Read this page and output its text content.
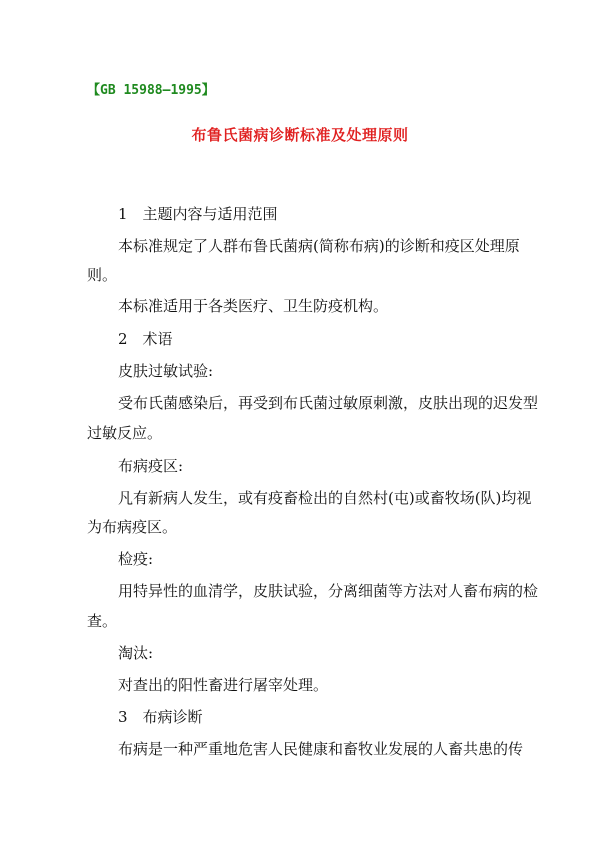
【GB 15988—1995】
布鲁氏菌病诊断标准及处理原则
1　主题内容与适用范围
本标准规定了人群布鲁氏菌病(简称布病)的诊断和疫区处理原
则。
本标准适用于各类医疗、卫生防疫机构。
2　术语
皮肤过敏试验:
受布氏菌感染后，再受到布氏菌过敏原刺激，皮肤出现的迟发型
过敏反应。
布病疫区:
凡有新病人发生，或有疫畜检出的自然村(屯)或畜牧场(队)均视
为布病疫区。
检疫:
用特异性的血清学，皮肤试验，分离细菌等方法对人畜布病的检
查。
淘汰:
对查出的阳性畜进行屠宰处理。
3　布病诊断
布病是一种严重地危害人民健康和畜牧业发展的人畜共患的传
